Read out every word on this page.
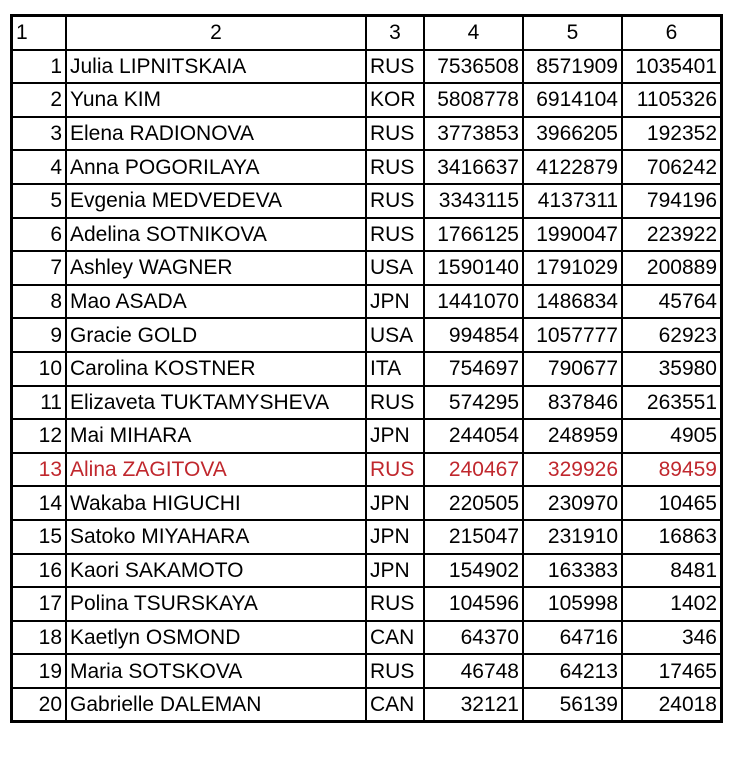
1	2	3	4	5	6
1	Julia LIPNITSKAIA	RUS	7536508	8571909	1035401
2	Yuna KIM	KOR	5808778	6914104	1105326
3	Elena RADIONOVA	RUS	3773853	3966205	192352
4	Anna POGORILAYA	RUS	3416637	4122879	706242
5	Evgenia MEDVEDEVA	RUS	3343115	4137311	794196
6	Adelina SOTNIKOVA	RUS	1766125	1990047	223922
7	Ashley WAGNER	USA	1590140	1791029	200889
8	Mao ASADA	JPN	1441070	1486834	45764
9	Gracie GOLD	USA	994854	1057777	62923
10	Carolina KOSTNER	ITA	754697	790677	35980
11	Elizaveta TUKTAMYSHEVA	RUS	574295	837846	263551
12	Mai MIHARA	JPN	244054	248959	4905
13	Alina ZAGITOVA	RUS	240467	329926	89459
14	Wakaba HIGUCHI	JPN	220505	230970	10465
15	Satoko MIYAHARA	JPN	215047	231910	16863
16	Kaori SAKAMOTO	JPN	154902	163383	8481
17	Polina TSURSKAYA	RUS	104596	105998	1402
18	Kaetlyn OSMOND	CAN	64370	64716	346
19	Maria SOTSKOVA	RUS	46748	64213	17465
20	Gabrielle DALEMAN	CAN	32121	56139	24018
